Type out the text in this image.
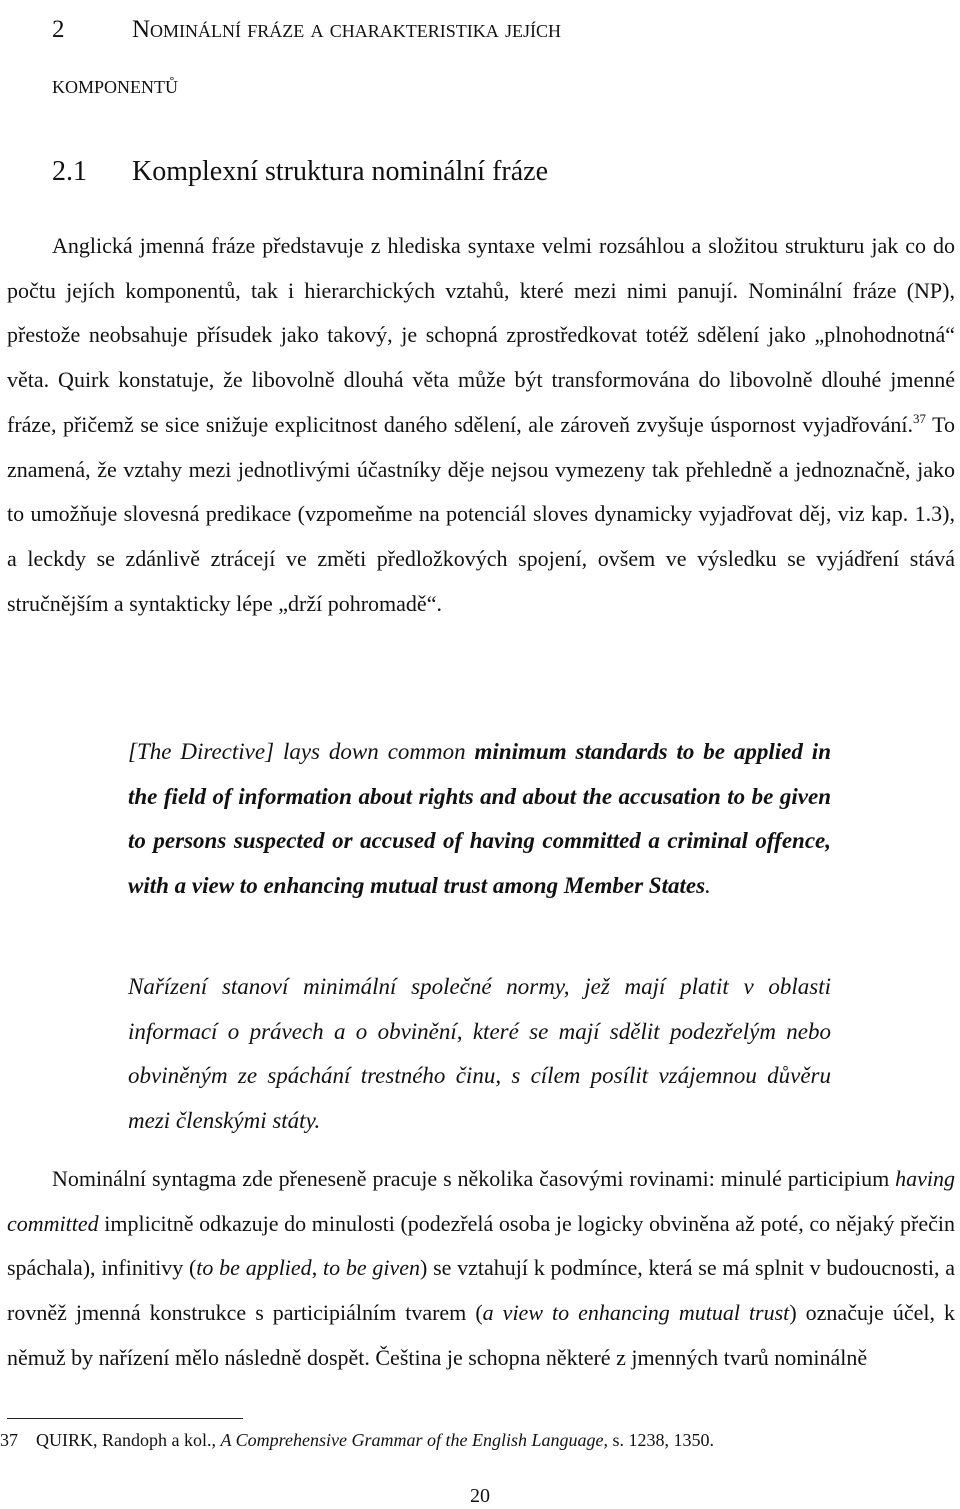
2	Nominální fráze a charakteristika jejích
komponentů
2.1 Komplexní struktura nominální fráze

Anglická jmenná fráze představuje z hlediska syntaxe velmi rozsáhlou a složitou strukturu jak co do počtu jejích komponentů, tak i hierarchických vztahů, které mezi nimi panují. Nominální fráze (NP), přestože neobsahuje přísudek jako takový, je schopná zprostředkovat totéž sdělení jako „plnohodnotná“ věta. Quirk konstatuje, že libovolně dlouhá věta může být transformována do libovolně dlouhé jmenné fráze, přičemž se sice snižuje explicitnost daného sdělení, ale zároveň zvyšuje úspornost vyjadřování.$^{37}$ To znamená, že vztahy mezi jednotlivými účastníky děje nejsou vymezeny tak přehledně a jednoznačně, jako to umožňuje slovesná predikace (vzpomeňme na potenciál sloves dynamicky vyjadřovat děj, viz kap. 1.3), a leckdy se zdánlivě ztrácejí ve změti předložkových spojení, ovšem ve výsledku se vyjádření stává stručnějším a syntakticky lépe „drží pohromadě“.

[The Directive] lays down common minimum standards to be applied in the field of information about rights and about the accusation to be given to persons suspected or accused of having committed a criminal offence, with a view to enhancing mutual trust among Member States.

Nařízení stanoví minimální společné normy, jež mají platit v oblasti informací o právech a o obvinění, které se mají sdělit podezřelým nebo obviněným ze spáchání trestného činu, s cílem posílit vzájemnou důvěru mezi členskými státy.

Nominální syntagma zde přeneseně pracuje s několika časovými rovinami: minulé participium having committed implicitně odkazuje do minulosti (podezřelá osoba je logicky obviněna až poté, co nějaký přečin spáchala), infinitivy (to be applied, to be given) se vztahují k podmínce, která se má splnit v budoucnosti, a rovněž jmenná konstrukce s participiálním tvarem (a view to enhancing mutual trust) označuje účel, k němuž by nařízení mělo následně dospět. Čeština je schopna některé z jmenných tvarů nominálně

37 QUIRK, Randoph a kol., A Comprehensive Grammar of the English Language, s. 1238, 1350.

20
